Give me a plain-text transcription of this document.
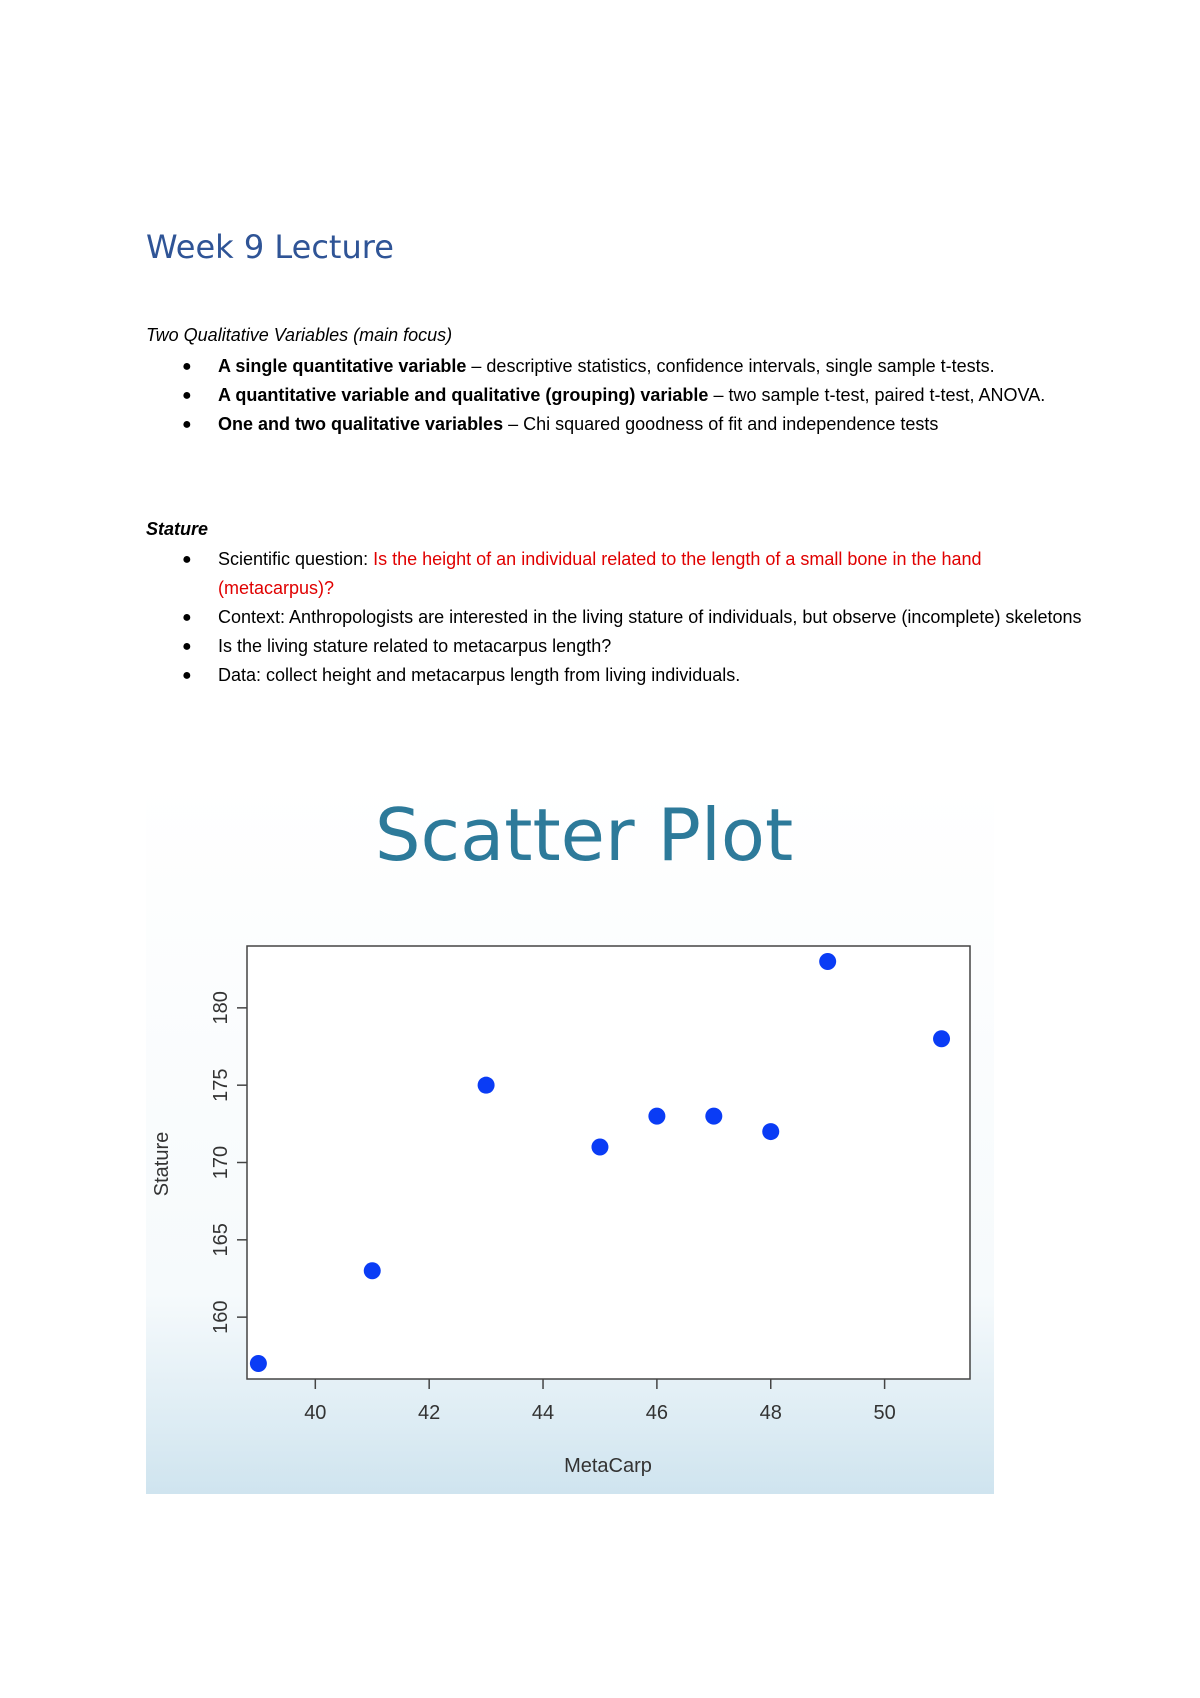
Week 9 Lecture

Two Qualitative Variables (main focus)

● A single quantitative variable – descriptive statistics, confidence intervals, single sample t-tests.
● A quantitative variable and qualitative (grouping) variable – two sample t-test, paired t-test, ANOVA.
● One and two qualitative variables – Chi squared goodness of fit and independence tests

Stature

● Scientific question: Is the height of an individual related to the length of a small bone in the hand (metacarpus)?
● Context: Anthropologists are interested in the living stature of individuals, but observe (incomplete) skeletons
● Is the living stature related to metacarpus length?
● Data: collect height and metacarpus length from living individuals.
Scatter Plot
40	42	44	46	48	50
160
165
170
175
180
MetaCarp
Stature
